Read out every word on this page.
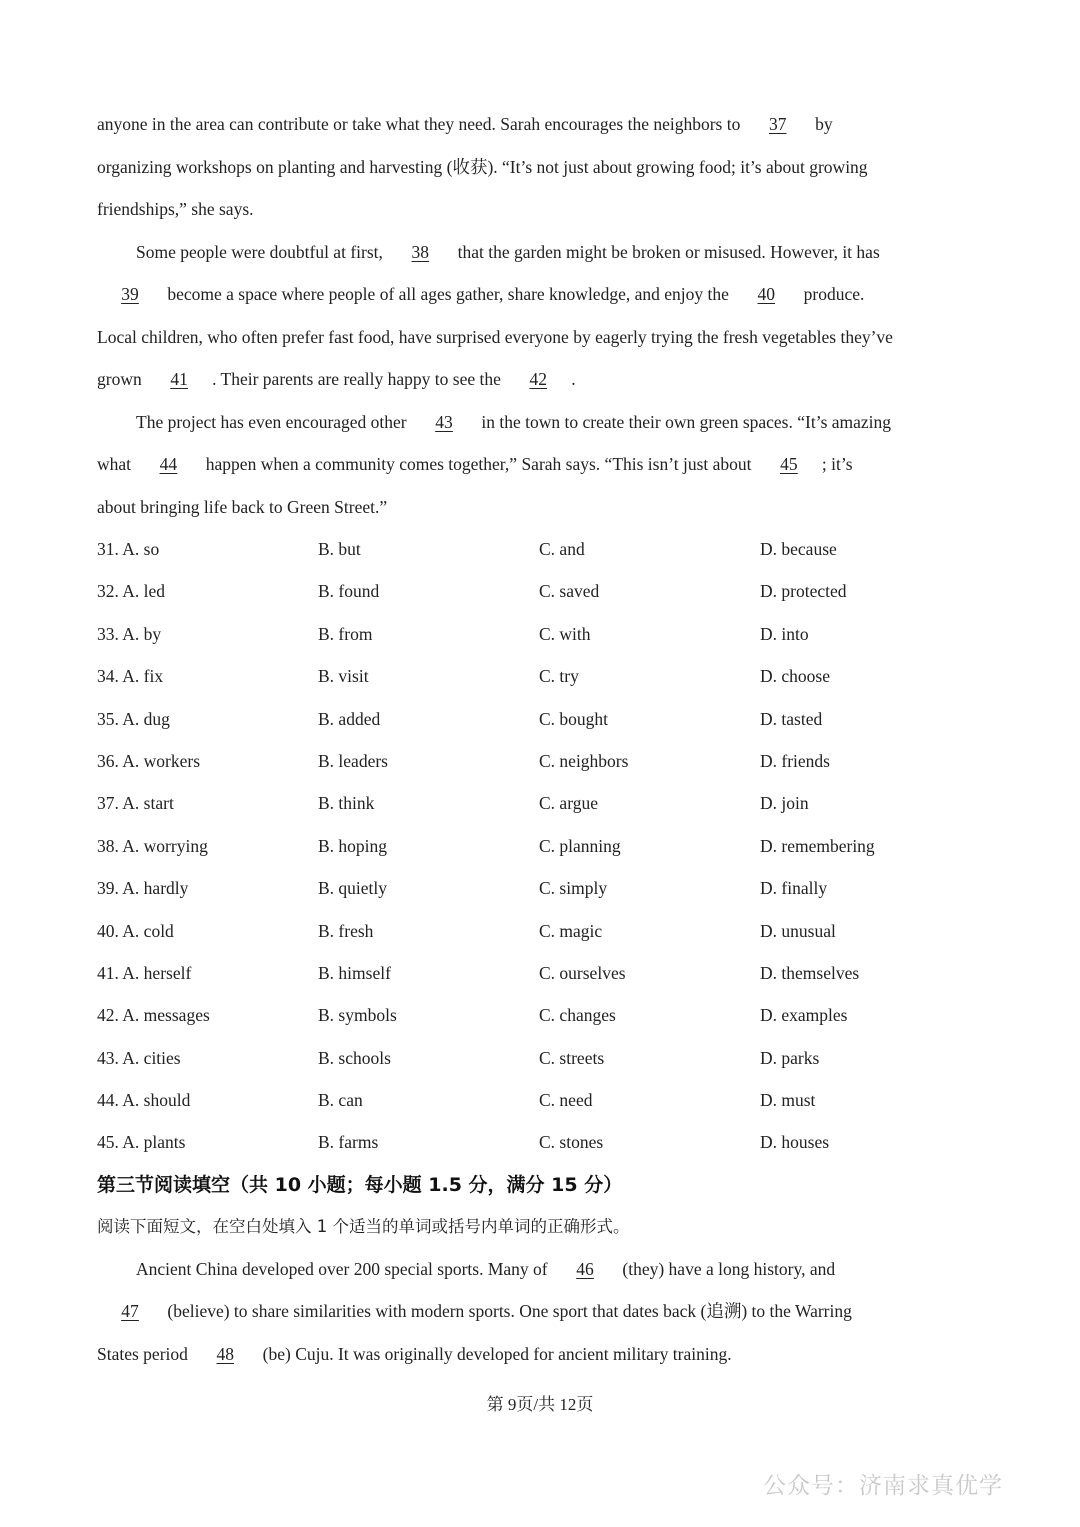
anyone in the area can contribute or take what they need. Sarah encourages the neighbors to 37 by
organizing workshops on planting and harvesting (收获). “It’s not just about growing food; it’s about growing
friendships,” she says.
Some people were doubtful at first, 38 that the garden might be broken or misused. However, it has
39 become a space where people of all ages gather, share knowledge, and enjoy the 40 produce.
Local children, who often prefer fast food, have surprised everyone by eagerly trying the fresh vegetables they’ve
grown 41 . Their parents are really happy to see the 42 .
The project has even encouraged other 43 in the town to create their own green spaces. “It’s amazing
what 44 happen when a community comes together,” Sarah says. “This isn’t just about 45 ; it’s
about bringing life back to Green Street.”
31. A. so	B. but	C. and	D. because
32. A. led	B. found	C. saved	D. protected
33. A. by	B. from	C. with	D. into
34. A. fix	B. visit	C. try	D. choose
35. A. dug	B. added	C. bought	D. tasted
36. A. workers	B. leaders	C. neighbors	D. friends
37. A. start	B. think	C. argue	D. join
38. A. worrying	B. hoping	C. planning	D. remembering
39. A. hardly	B. quietly	C. simply	D. finally
40. A. cold	B. fresh	C. magic	D. unusual
41. A. herself	B. himself	C. ourselves	D. themselves
42. A. messages	B. symbols	C. changes	D. examples
43. A. cities	B. schools	C. streets	D. parks
44. A. should	B. can	C. need	D. must
45. A. plants	B. farms	C. stones	D. houses
第三节阅读填空（共 10 小题；每小题 1.5 分，满分 15 分）
阅读下面短文，在空白处填入 1 个适当的单词或括号内单词的正确形式。
Ancient China developed over 200 special sports. Many of 46 (they) have a long history, and
47 (believe) to share similarities with modern sports. One sport that dates back (追溯) to the Warring
States period 48 (be) Cuju. It was originally developed for ancient military training.
第 9页/共 12页
公众号：济南求真优学
